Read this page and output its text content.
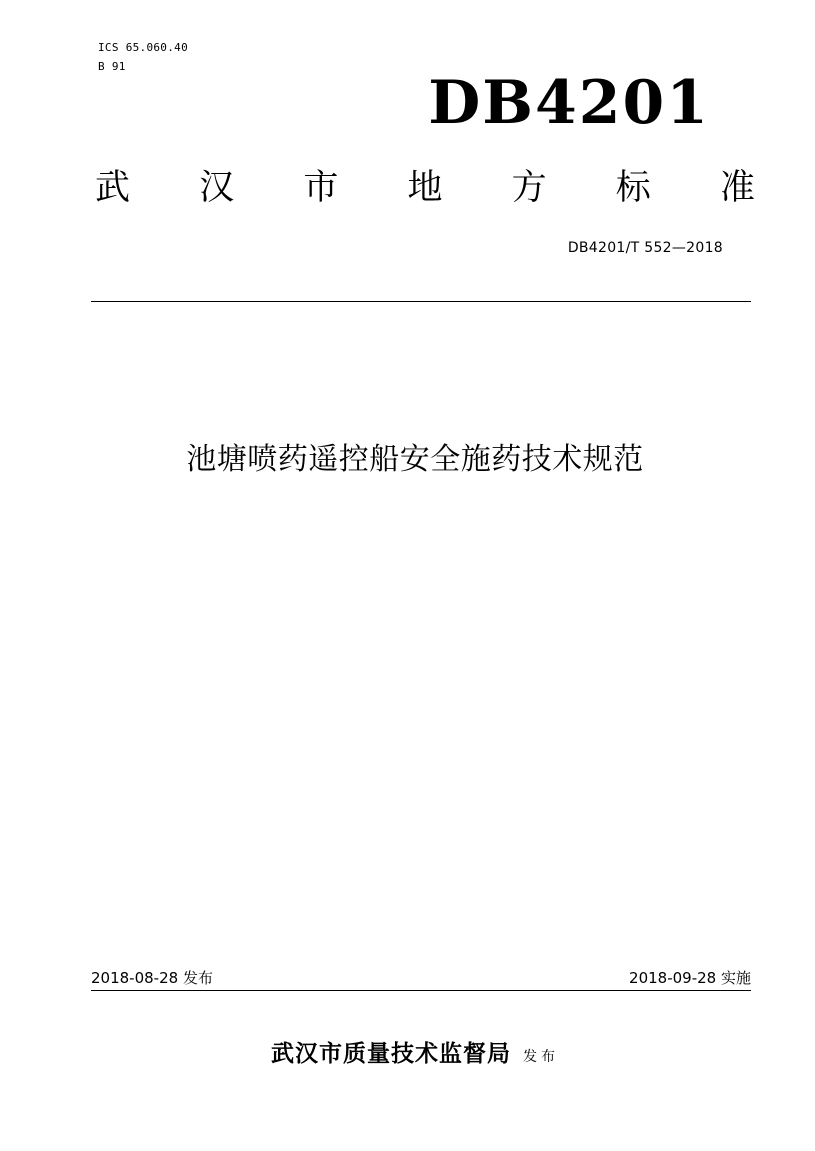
ICS 65.060.40
B 91
DB4201
武 汉 市 地 方 标 准
DB4201/T 552—2018
池塘喷药遥控船安全施药技术规范
2018-08-28 发布	2018-09-28 实施
武汉市质量技术监督局 发布
